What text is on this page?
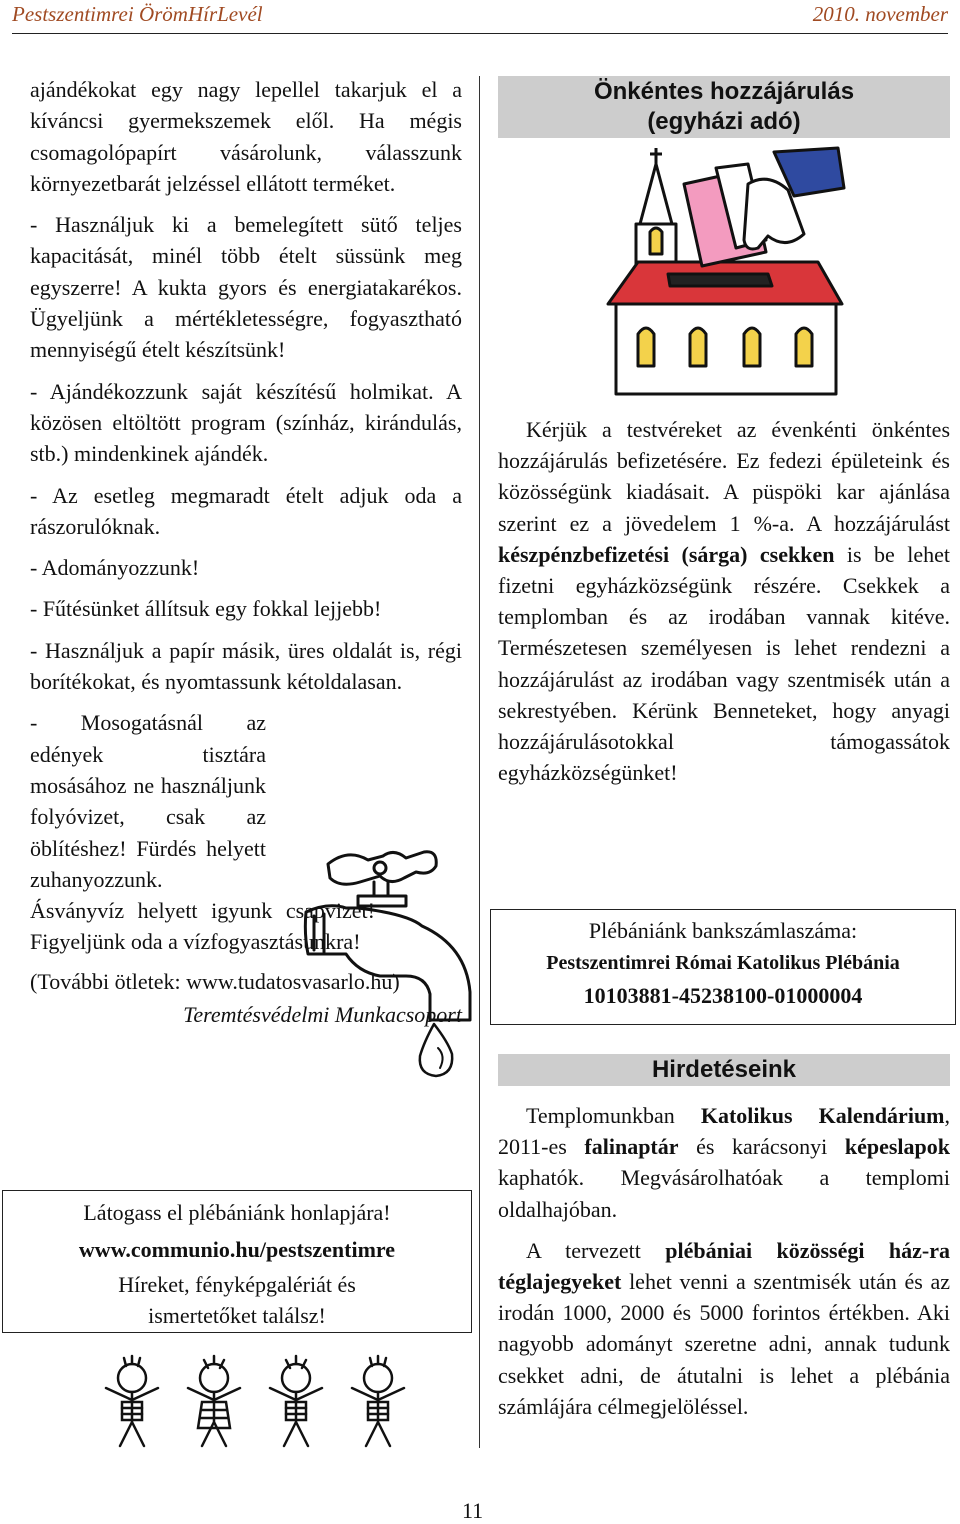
Pestszentimrei ÖrömHírLevél	2010. november

ajándékokat egy nagy lepellel takarjuk el a kíváncsi gyermekszemek elől. Ha mégis csomagolópapírt vásárolunk, válasszunk környezetbarát jelzéssel ellátott terméket.

- Használjuk ki a bemelegített sütő teljes kapacitását, minél több ételt süssünk meg egyszerre! A kukta gyors és energiatakarékos. Ügyeljünk a mértékletességre, fogyasztható mennyiségű ételt készítsünk!

- Ajándékozzunk saját készítésű holmikat. A közösen eltöltött program (színház, kirándulás, stb.) mindenkinek ajándék.

- Az esetleg megmaradt ételt adjuk oda a rászorulóknak.

- Adományozzunk!

- Fűtésünket állítsuk egy fokkal lejjebb!

- Használjuk a papír másik, üres oldalát is, régi borítékokat, és nyomtassunk kétoldalasan.

- Mosogatásnál az edények tisztára mosásához ne használjunk folyóvizet, csak az öblítéshez! Fürdés helyett zuhanyozzunk.

Ásványvíz helyett igyunk csapvizet! Figyeljünk oda a vízfogyasztásunkra!

(További ötletek: www.tudatosvasarlo.hu)

Teremtésvédelmi Munkacsoport

Látogass el plébániánk honlapjára!
www.communio.hu/pestszentimre
Híreket, fényképgalériát és
ismertetőket találsz!
Önkéntes hozzájárulás
(egyházi adó)

Kérjük a testvéreket az évenkénti önkéntes hozzájárulás befizetésére. Ez fedezi épületeink és közösségünk kiadásait. A püspöki kar ajánlása szerint ez a jövedelem 1 %-a. A hozzájárulást készpénzbefizetési (sárga) csekken is be lehet fizetni egyházközségünk részére. Csekkek a templomban és az irodában vannak kitéve. Természetesen személyesen is lehet rendezni a hozzájárulást az irodában vagy szentmisék után a sekrestyében. Kérünk Benneteket, hogy anyagi hozzájárulásotokkal támogassátok egyházközségünket!

Plébániánk bankszámlaszáma:
Pestszentimrei Római Katolikus Plébánia
10103881-45238100-01000004
Hirdetéseink

Templomunkban Katolikus Kalendárium, 2011-es falinaptár és karácsonyi képeslapok kaphatók. Megvásárolhatóak a templomi oldalhajóban.

A tervezett plébániai közösségi ház-ra téglajegyeket lehet venni a szentmisék után és az irodán 1000, 2000 és 5000 forintos értékben. Aki nagyobb adományt szeretne adni, annak tudunk csekket adni, de átutalni is lehet a plébánia számlájára célmegjelöléssel.

11
